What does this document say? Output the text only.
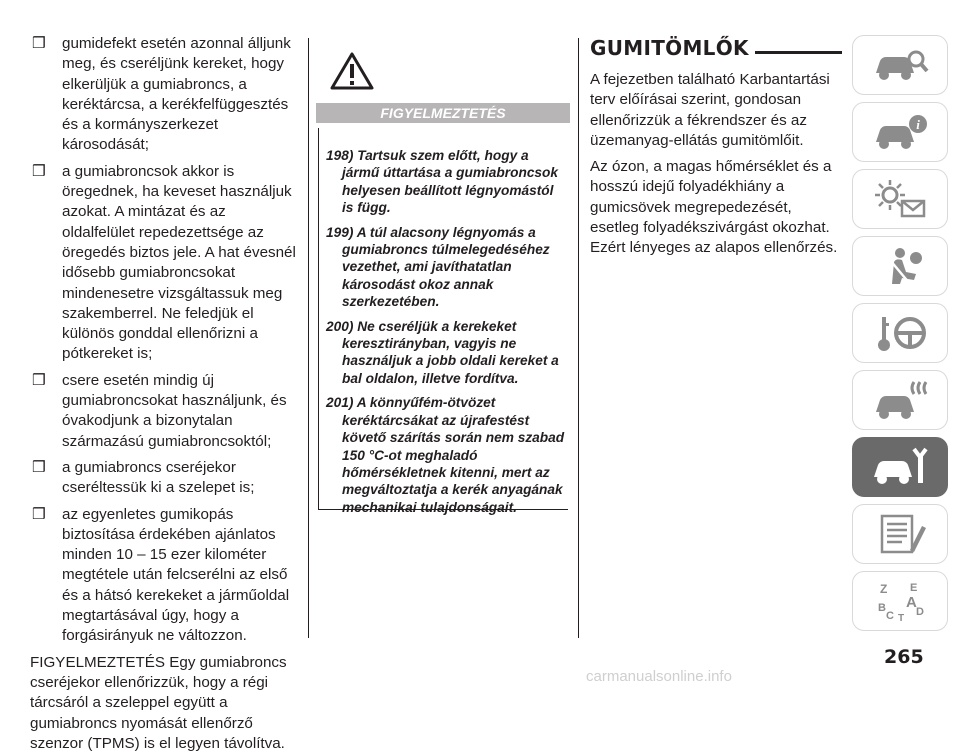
❒ gumidefekt esetén azonnal álljunk meg, és cseréljünk kereket, hogy elkerüljük a gumiabroncs, a keréktárcsa, a kerékfelfüggesztés és a kormányszerkezet károsodását;
❒ a gumiabroncsok akkor is öregednek, ha keveset használjuk azokat. A mintázat és az oldalfelület repedezettsége az öregedés biztos jele. A hat évesnél idősebb gumiabroncsokat mindenesetre vizsgáltassuk meg szakemberrel. Ne feledjük el különös gonddal ellenőrizni a pótkereket is;
❒ csere esetén mindig új gumiabroncsokat használjunk, és óvakodjunk a bizonytalan származású gumiabroncsoktól;
❒ a gumiabroncs cseréjekor cseréltessük ki a szelepet is;
❒ az egyenletes gumikopás biztosítása érdekében ajánlatos minden 10 – 15 ezer kilométer megtétele után felcserélni az első és a hátsó kerekeket a járműoldal megtartásával úgy, hogy a forgásirányuk ne változzon.
FIGYELMEZTETÉS Egy gumiabroncs cseréjekor ellenőrizzük, hogy a régi tárcsáról a szeleppel együtt a gumiabroncs nyomását ellenőrző szenzor (TPMS) is el legyen távolítva.
FIGYELMEZTETÉS
198) Tartsuk szem előtt, hogy a jármű úttartása a gumiabroncsok helyesen beállított légnyomástól is függ.
199) A túl alacsony légnyomás a gumiabroncs túlmelegedéséhez vezethet, ami javíthatatlan károsodást okoz annak szerkezetében.
200) Ne cseréljük a kerekeket keresztirányban, vagyis ne használjuk a jobb oldali kereket a bal oldalon, illetve fordítva.
201) A könnyűfém-ötvözet keréktárcsákat az újrafestést követő szárítás során nem szabad 150 °C-ot meghaladó hőmérsékletnek kitenni, mert az megváltoztatja a kerék anyagának mechanikai tulajdonságait.
GUMITÖMLŐK

A fejezetben található Karbantartási terv előírásai szerint, gondosan ellenőrizzük a fékrendszer és az üzemanyag-ellátás gumitömlőit.

Az ózon, a magas hőmérséklet és a hosszú idejű folyadékhiány a gumicsövek megrepedezését, esetleg folyadékszivárgást okozhat. Ezért lényeges az alapos ellenőrzés.

i
Z E
B A
C D
T
265
carmanualsonline.info
